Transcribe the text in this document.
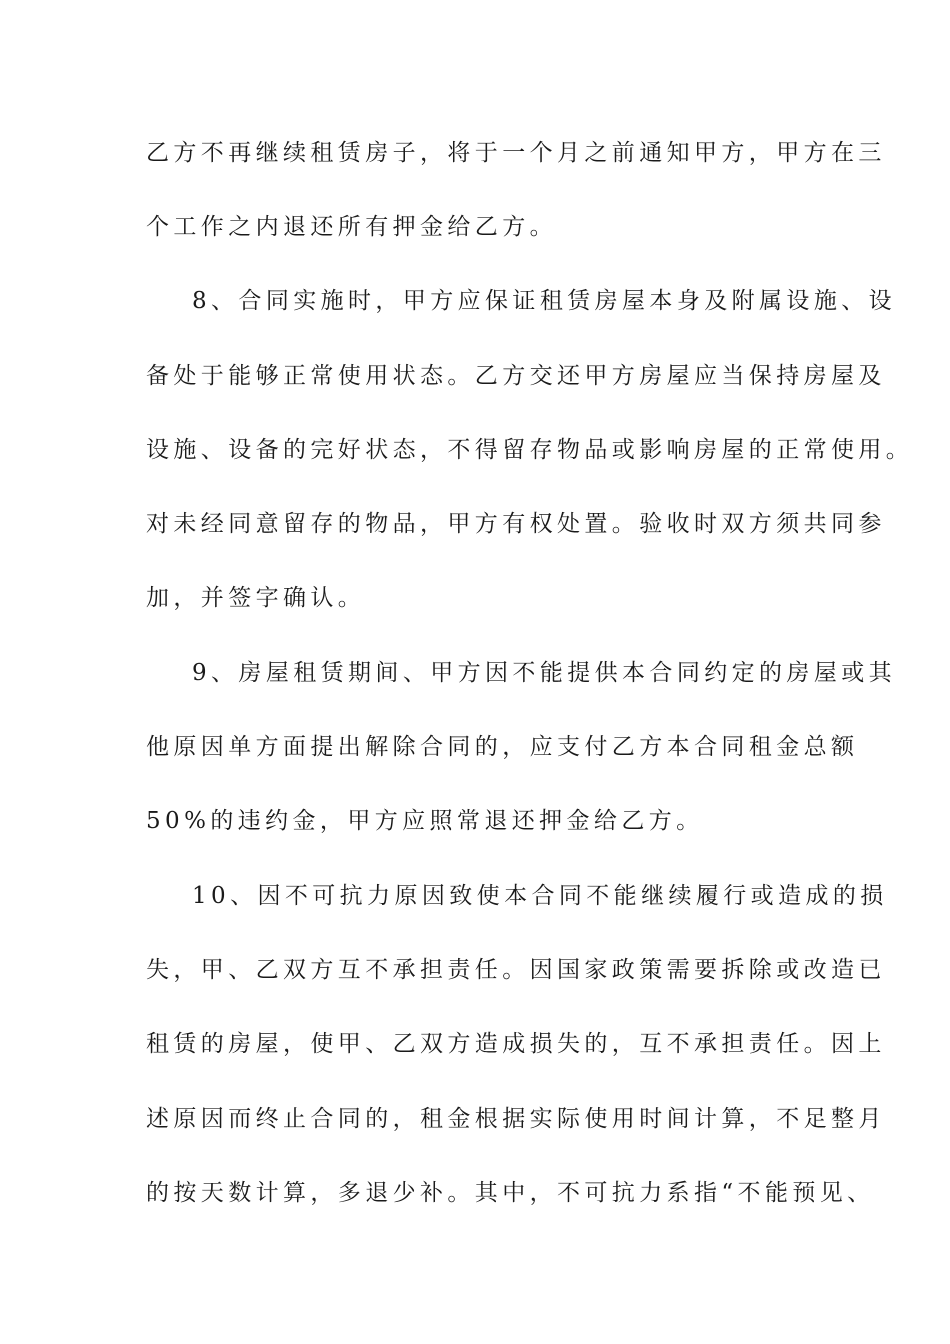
乙方不再继续租赁房子，将于一个月之前通知甲方，甲方在三
个工作之内退还所有押金给乙方。
8、合同实施时，甲方应保证租赁房屋本身及附属设施、设
备处于能够正常使用状态。乙方交还甲方房屋应当保持房屋及
设施、设备的完好状态，不得留存物品或影响房屋的正常使用。
对未经同意留存的物品，甲方有权处置。验收时双方须共同参
加，并签字确认。
9、房屋租赁期间、甲方因不能提供本合同约定的房屋或其
他原因单方面提出解除合同的，应支付乙方本合同租金总额
50%的违约金，甲方应照常退还押金给乙方。
10、因不可抗力原因致使本合同不能继续履行或造成的损
失，甲、乙双方互不承担责任。因国家政策需要拆除或改造已
租赁的房屋，使甲、乙双方造成损失的，互不承担责任。因上
述原因而终止合同的，租金根据实际使用时间计算，不足整月
的按天数计算，多退少补。其中，不可抗力系指“不能预见、
